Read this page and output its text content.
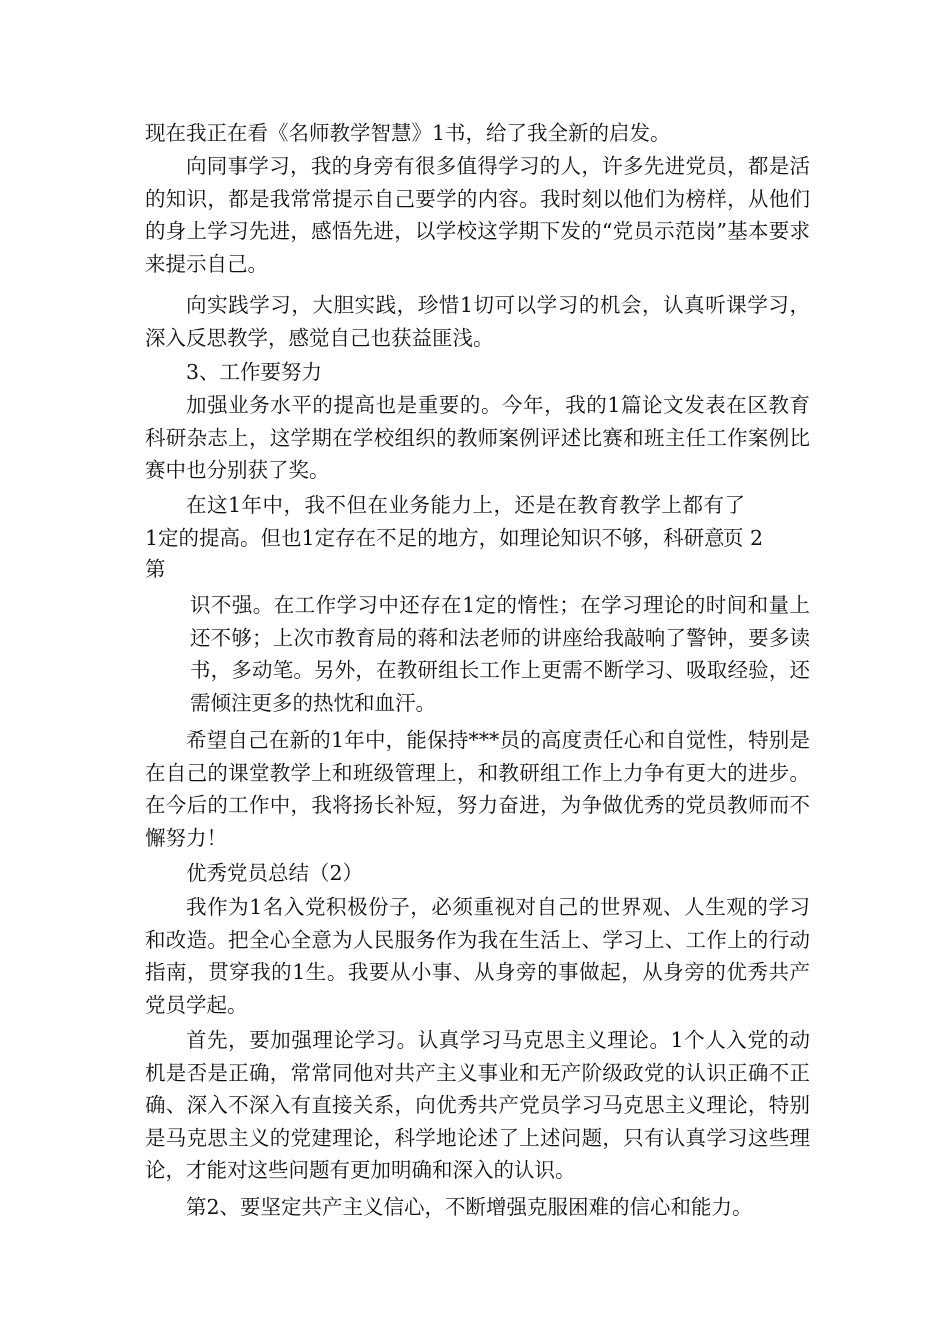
现在我正在看《名师教学智慧》1书，给了我全新的启发。

向同事学习，我的身旁有很多值得学习的人，许多先进党员，都是活的知识，都是我常常提示自己要学的内容。我时刻以他们为榜样，从他们的身上学习先进，感悟先进，以学校这学期下发的“党员示范岗”基本要求来提示自己。

向实践学习，大胆实践，珍惜1切可以学习的机会，认真听课学习，深入反思教学，感觉自己也获益匪浅。

3、工作要努力

加强业务水平的提高也是重要的。今年，我的1篇论文发表在区教育科研杂志上，这学期在学校组织的教师案例评述比赛和班主任工作案例比赛中也分别获了奖。

在这1年中，我不但在业务能力上，还是在教育教学上都有了1定的提高。但也1定存在不足的地方，如理论知识不够，科研意

页 2
第

识不强。在工作学习中还存在1定的惰性；在学习理论的时间和量上还不够；上次市教育局的蒋和法老师的讲座给我敲响了警钟，要多读书，多动笔。另外，在教研组长工作上更需不断学习、吸取经验，还需倾注更多的热忱和血汗。

希望自己在新的1年中，能保持***员的高度责任心和自觉性，特别是在自己的课堂教学上和班级管理上，和教研组工作上力争有更大的进步。在今后的工作中，我将扬长补短，努力奋进，为争做优秀的党员教师而不懈努力！

优秀党员总结（2）

我作为1名入党积极份子，必须重视对自己的世界观、人生观的学习和改造。把全心全意为人民服务作为我在生活上、学习上、工作上的行动指南，贯穿我的1生。我要从小事、从身旁的事做起，从身旁的优秀共产党员学起。

首先，要加强理论学习。认真学习马克思主义理论。1个人入党的动机是否是正确，常常同他对共产主义事业和无产阶级政党的认识正确不正确、深入不深入有直接关系，向优秀共产党员学习马克思主义理论，特别是马克思主义的党建理论，科学地论述了上述问题，只有认真学习这些理论，才能对这些问题有更加明确和深入的认识。

第2、要坚定共产主义信心，不断增强克服困难的信心和能力。
